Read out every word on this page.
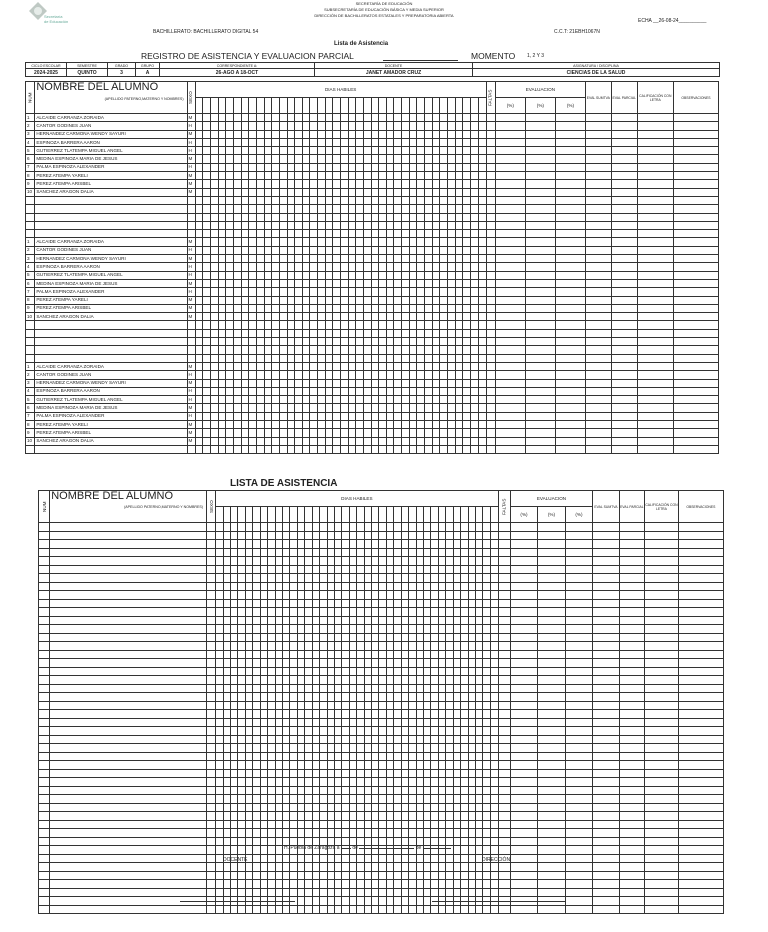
Secretaría
de Educación
SECRETARÍA DE EDUCACIÓN
SUBSECRETARÍA DE EDUCACIÓN BÁSICA Y MEDIA SUPERIOR
DIRECCIÓN DE BACHILLERATOS ESTATALES Y PREPARATORIA ABIERTA
ECHA __26-08-24__________
BACHILLERATO: BACHILLERATO DIGITAL 54	C.C.T: 21EBH1067N
Lista de Asistencia
REGISTRO DE ASISTENCIA Y EVALUACION PARCIAL	MOMENTO 1, 2 Y 3
CICLO ESCOLAR	SEMESTRE	GRADO	GRUPO	CORRESPONDIENTE A:	DOCENTE	ASIGNATURA / DISCIPLINA
2024-2025	QUINTO	3	A	26-AGO A 18-OCT	JANET AMADOR CRUZ	CIENCIAS DE LA SALUD
NUM	NOMBRE DEL ALUMNO
(APELLIDO PATERNO,MATERNO Y NOMBRES)	SEXO	DIAS HABILES																																						FALTAS	EVALUACION			EVAL SUMTVA	EVAL PARCIAL	CALIFICACIÓN CON LETRA	OBSERVACIONES
																																										(%)	(%)	(%)				
1	ALCAIDE CARRANZA ZORAIDA	M																																														
2	CANTOR GODINES JUAN	H																																														
3	HERNANDEZ CARMONA WENDY SAYURI	M																																														
4	ESPINOZA BARRERA AARON	H																																														
5	GUTIERREZ TLATEMPA MIGUEL ANGEL	H																																														
6	MEDINA ESPINOZA MARIA DE JESUS	M																																														
7	PALMA ESPINOZA ALEXANDER	H																																														
8	PEREZ ATEMPA YARELI	M																																														
9	PEREZ ATEMPA ARISBEL	M																																														
10	SANCHEZ ARAGON DALIA	M																																														

1	ALCAIDE CARRANZA ZORAIDA	M																																														
2	CANTOR GODINES JUAN	H																																														
3	HERNANDEZ CARMONA WENDY SAYURI	M																																														
4	ESPINOZA BARRERA AARON	H																																														
5	GUTIERREZ TLATEMPA MIGUEL ANGEL	H																																														
6	MEDINA ESPINOZA MARIA DE JESUS	M																																														
7	PALMA ESPINOZA ALEXANDER	H																																														
8	PEREZ ATEMPA YARELI	M																																														
9	PEREZ ATEMPA ARISBEL	M																																														
10	SANCHEZ ARAGON DALIA	M																																														

1	ALCAIDE CARRANZA ZORAIDA	M																																														
2	CANTOR GODINES JUAN	H																																														
3	HERNANDEZ CARMONA WENDY SAYURI	M																																														
4	ESPINOZA BARRERA AARON	H																																														
5	GUTIERREZ TLATEMPA MIGUEL ANGEL	H																																														
6	MEDINA ESPINOZA MARIA DE JESUS	M																																														
7	PALMA ESPINOZA ALEXANDER	H																																														
8	PEREZ ATEMPA YARELI	M																																														
9	PEREZ ATEMPA ARISBEL	M																																														
10	SANCHEZ ARAGON DALIA	M																																														

LISTA DE ASISTENCIA
NUM	NOMBRE DEL ALUMNO
(APELLIDO PATERNO,MATERNO Y NOMBRES)	SEXO	DIAS HABILES																																						FALTAS	EVALUACION			EVAL SUMTVA	EVAL PARCIAL	CALIFICACIÓN CON LETRA	OBSERVACIONES
																																										(%)	(%)	(%)				

H. Puebla de Zaragoza a	de	de
DOCENTE	DIRECCIÓN
